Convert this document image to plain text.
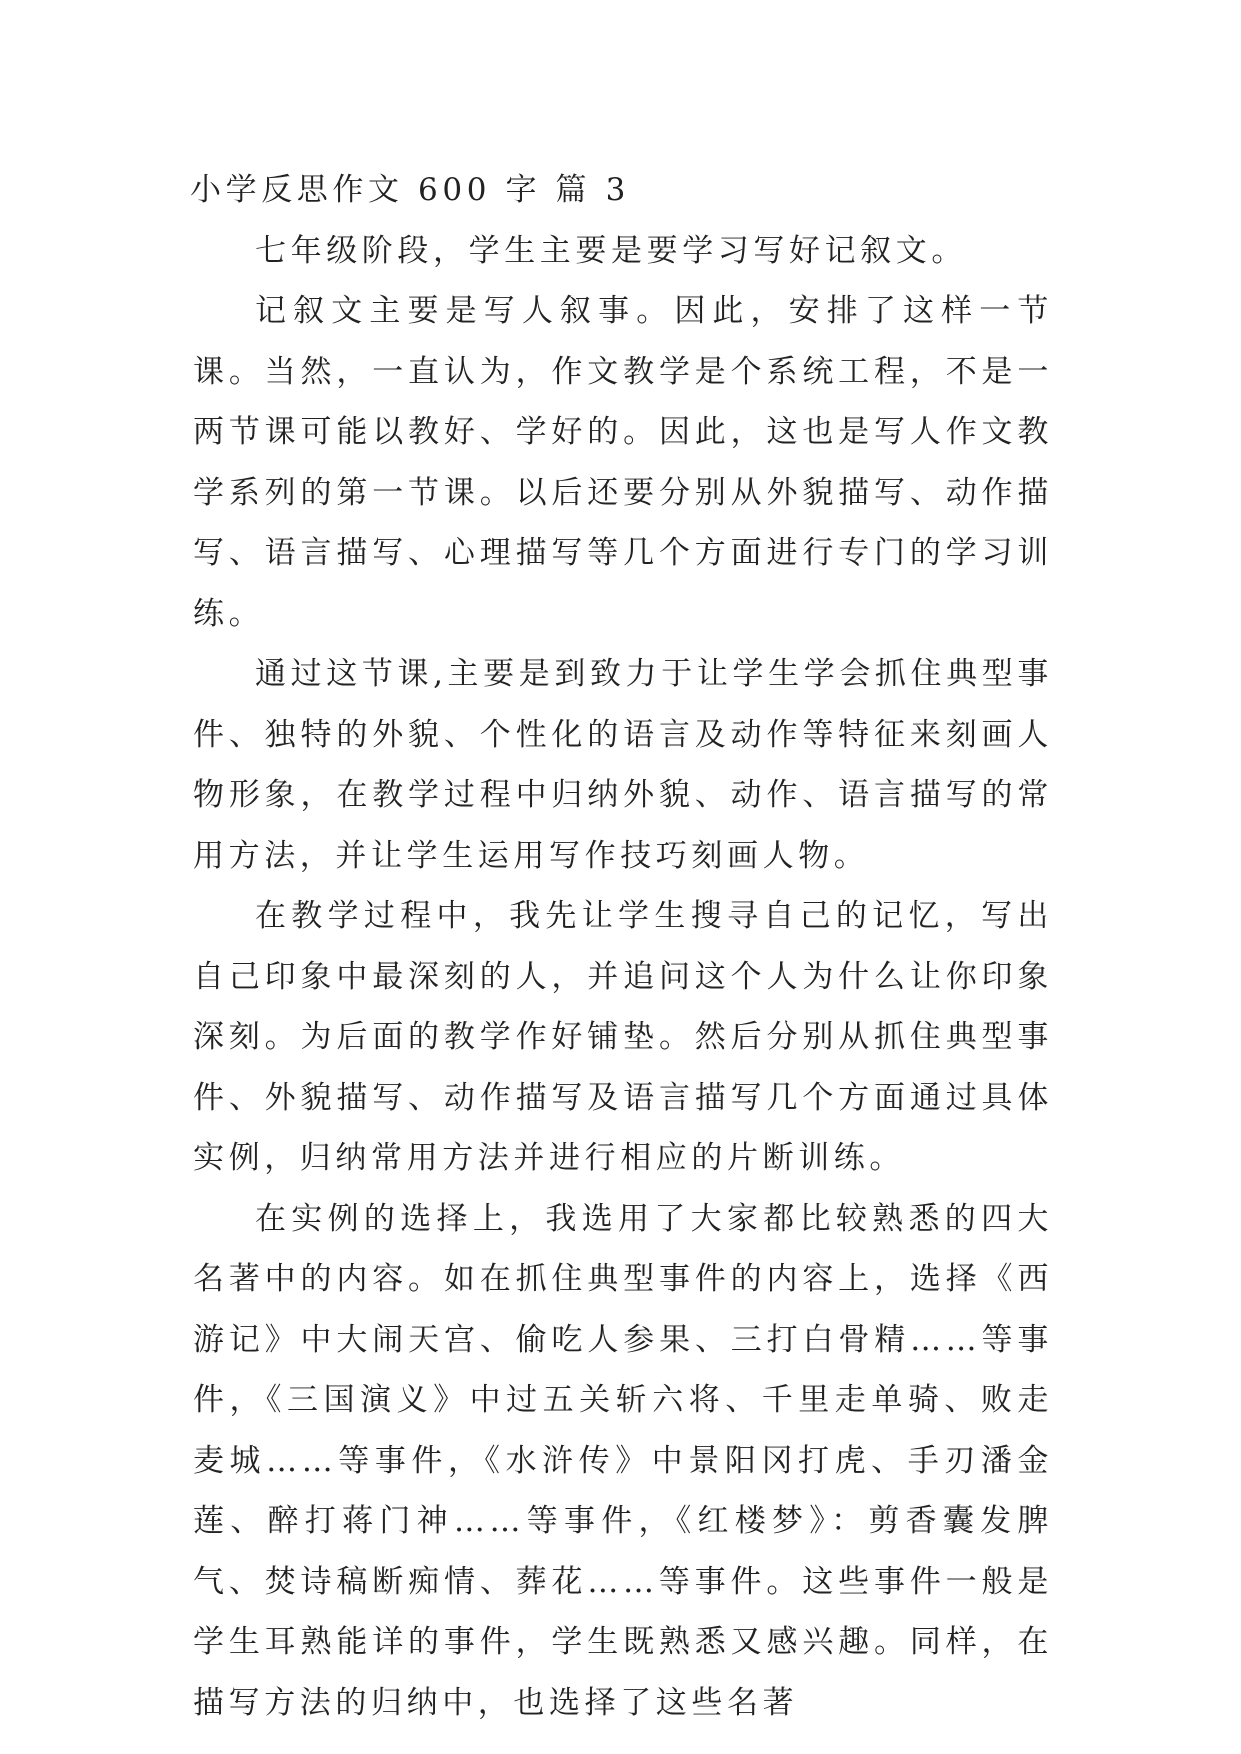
小学反思作文 600 字 篇 3

七年级阶段，学生主要是要学习写好记叙文。

记叙文主要是写人叙事。因此，安排了这样一节课。当然，一直认为，作文教学是个系统工程，不是一两节课可能以教好、学好的。因此，这也是写人作文教学系列的第一节课。以后还要分别从外貌描写、动作描写、语言描写、心理描写等几个方面进行专门的学习训练。

通过这节课,主要是到致力于让学生学会抓住典型事件、独特的外貌、个性化的语言及动作等特征来刻画人物形象，在教学过程中归纳外貌、动作、语言描写的常用方法，并让学生运用写作技巧刻画人物。

在教学过程中，我先让学生搜寻自己的记忆，写出自己印象中最深刻的人，并追问这个人为什么让你印象深刻。为后面的教学作好铺垫。然后分别从抓住典型事件、外貌描写、动作描写及语言描写几个方面通过具体实例，归纳常用方法并进行相应的片断训练。

在实例的选择上，我选用了大家都比较熟悉的四大名著中的内容。如在抓住典型事件的内容上，选择《西游记》中大闹天宫、偷吃人参果、三打白骨精……等事件，《三国演义》中过五关斩六将、千里走单骑、败走麦城……等事件，《水浒传》中景阳冈打虎、手刃潘金莲、醉打蒋门神……等事件，《红楼梦》：剪香囊发脾气、焚诗稿断痴情、葬花……等事件。这些事件一般是学生耳熟能详的事件，学生既熟悉又感兴趣。同样，在描写方法的归纳中，也选择了这些名著
